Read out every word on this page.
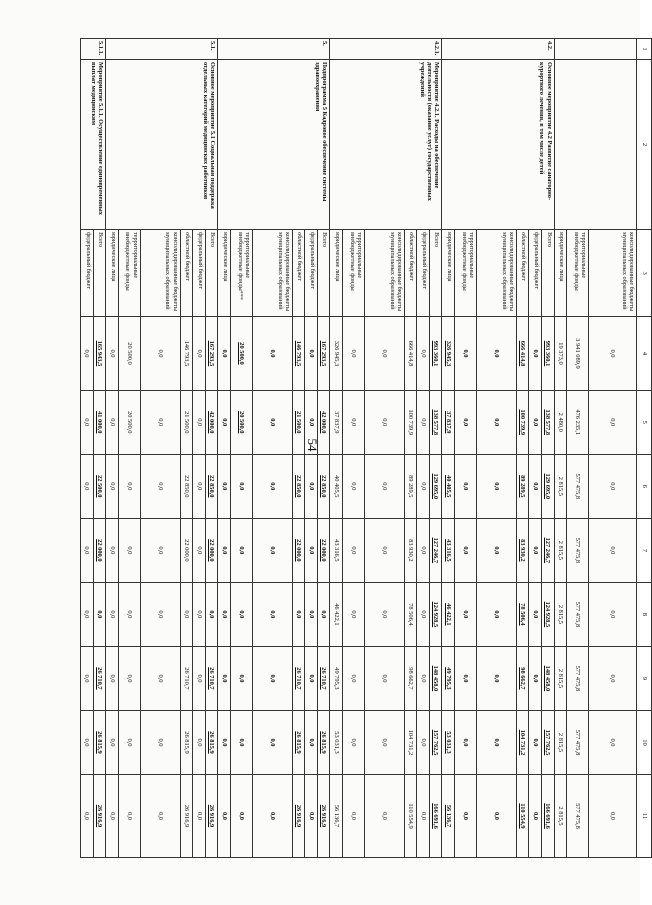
54
1	2	3	4	5	6	7	8	9	10	11
		консолидированные бюджеты муниципальных образований	0,0	0,0	0,0	0,0	0,0	0,0	0,0	0,0
		территориальные внебюджетные фонды	3 941 089,9	476 235,1	577 475,8	577 475,8	577 475,8	577 475,8	577 475,8	577 475,8
		юридические лица	19 373,0	2 480,0	2 815,5	2 815,5	2 815,5	2 815,5	2 815,5	2 815,5
4.2.	Основное мероприятие 4.2 Развитие санаторно-курортного лечения, в том числе детей	Всего	993 360,1	138 577,8	129 695,0	127 246,7	124 928,5	148 458,0	157 762,5	166 691,6
		федеральный бюджет	0,0	0,0	0,0	0,0	0,0	0,0	0,0	0,0
		областной бюджет	666 414,8	100 739,9	89 289,5	83 930,2	78 506,4	98 662,7	104 731,2	110 554,9
		консолидированные бюджеты муниципальных образований	0,0	0,0	0,0	0,0	0,0	0,0	0,0	0,0
		территориальные внебюджетные фонды	0,0	0,0	0,0	0,0	0,0	0,0	0,0	0,0
		юридические лица	326 945,3	37 837,9	40 405,5	43 316,5	46 422,1	49 795,3	53 031,3	56 136,7
4.2.1.	Мероприятие 4.2.1. Расходы на обеспечение деятельности (оказание услуг) государственных учреждений	Всего	993 360,1	138 577,8	129 695,0	127 246,7	124 928,5	148 458,0	157 762,5	166 691,6
		федеральный бюджет	0,0	0,0	0,0	0,0	0,0	0,0	0,0	0,0
		областной бюджет	666 414,8	100 739,9	89 289,5	83 930,2	78 506,4	98 662,7	104 731,2	110 554,9
		консолидированные бюджеты муниципальных образований	0,0	0,0	0,0	0,0	0,0	0,0	0,0	0,0
		территориальные внебюджетные фонды	0,0	0,0	0,0	0,0	0,0	0,0	0,0	0,0
		юридические лица	326 945,3	37 837,9	40 405,5	43 316,5	46 422,1	49 795,3	53 031,3	56 136,7
5.	Подпрограмма 5 Кадровое обеспечение системы здравоохранения	Всего	167 293,5	42 000,0	22 850,0	22 000,0	0,0	26 710,7	26 815,9	26 916,9
		федеральный бюджет	0,0	0,0	0,0	0,0	0,0	0,0	0,0	0,0
		областной бюджет	146 793,5	21 500,0	22 850,0	22 000,0	0,0	26 710,7	26 815,9	26 916,9
		консолидированные бюджеты муниципальных образований	0,0	0,0	0,0	0,0	0,0	0,0	0,0	0,0
		территориальные внебюджетные фонды***	20 500,0	20 500,0	0,0	0,0	0,0	0,0	0,0	0,0
		юридические лица	0,0	0,0	0,0	0,0	0,0	0,0	0,0	0,0
5.1.	Основное мероприятие 5.1 Социальная поддержка отдельных категорий медицинских работников	Всего	167 293,5	42 000,0	22 850,0	22 000,0	0,0	26 710,7	26 815,9	26 916,9
		федеральный бюджет	0,0	0,0	0,0	0,0	0,0	0,0	0,0	0,0
		областной бюджет	146 793,5	21 500,0	22 850,0	22 000,0	0,0	26 710,7	26 815,9	26 916,9
		консолидированные бюджеты муниципальных образований	0,0	0,0	0,0	0,0	0,0	0,0	0,0	0,0
		территориальные внебюджетные фонды	20 500,0	20 500,0	0,0	0,0	0,0	0,0	0,0	0,0
		юридические лица	0,0	0,0	0,0	0,0	0,0	0,0	0,0	0,0
5.1.1.	Мероприятие 5.1.1. Осуществление единовременных выплат медицинским	Всего	165 943,5	41 000,0	22 500,0	22 000,0	0,0	26 710,7	26 815,9	26 916,9
		федеральный бюджет	0,0	0,0	0,0	0,0	0,0	0,0	0,0	0,0
